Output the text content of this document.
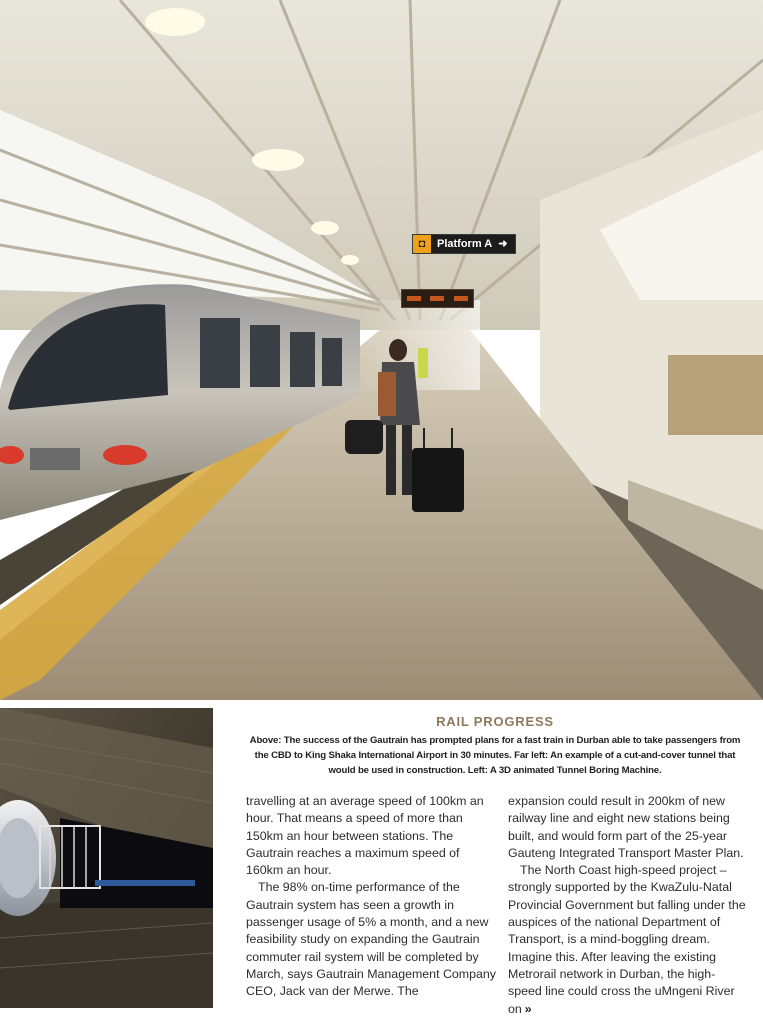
◘	Platform A ➜
RAIL PROGRESS
Above: The success of the Gautrain has prompted plans for a fast train in Durban able to take passengers from the CBD to King Shaka International Airport in 30 minutes. Far left: An example of a cut-and-cover tunnel that would be used in construction. Left: A 3D animated Tunnel Boring Machine.

travelling at an average speed of 100km an hour. That means a speed of more than 150km an hour between stations. The Gautrain reaches a maximum speed of 160km an hour.

The 98% on-time performance of the Gautrain system has seen a growth in passenger usage of 5% a month, and a new feasibility study on expanding the Gautrain commuter rail system will be completed by March, says Gautrain Management Company CEO, Jack van der Merwe. The

expansion could result in 200km of new railway line and eight new stations being built, and would form part of the 25-year Gauteng Integrated Transport Master Plan.

The North Coast high-speed project – strongly supported by the KwaZulu-Natal Provincial Government but falling under the auspices of the national Department of Transport, is a mind-boggling dream. Imagine this. After leaving the existing Metrorail network in Durban, the high-speed line could cross the uMngeni River on »
